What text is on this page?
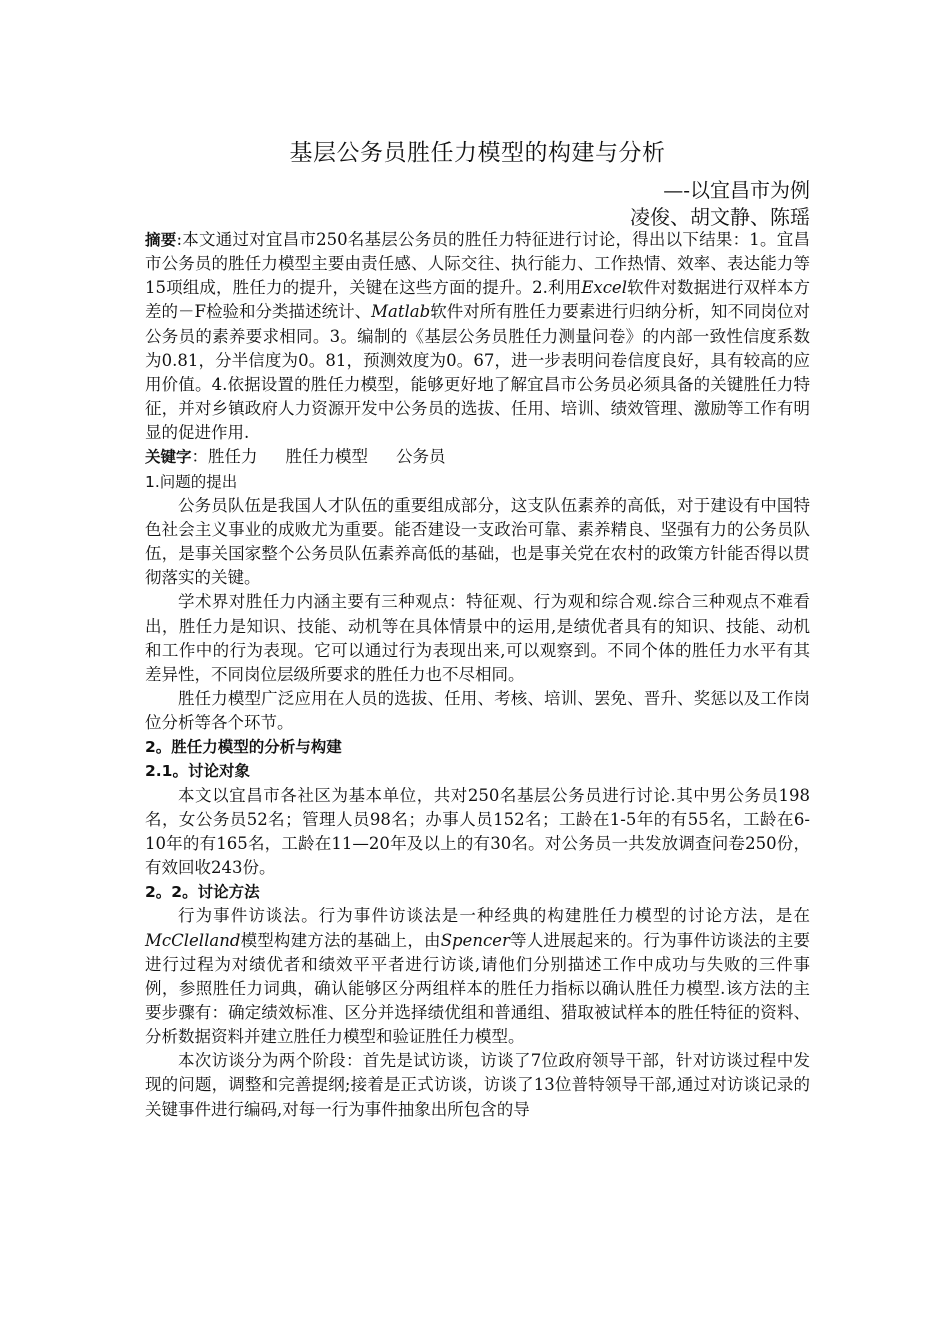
基层公务员胜任力模型的构建与分析

—-以宜昌市为例

凌俊、胡文静、陈瑶

摘要:本文通过对宜昌市250名基层公务员的胜任力特征进行讨论，得出以下结果：1。宜昌市公务员的胜任力模型主要由责任感、人际交往、执行能力、工作热情、效率、表达能力等15项组成，胜任力的提升，关键在这些方面的提升。2.利用Excel软件对数据进行双样本方差的－F检验和分类描述统计、Matlab软件对所有胜任力要素进行归纳分析，知不同岗位对公务员的素养要求相同。3。编制的《基层公务员胜任力测量问卷》的内部一致性信度系数为0.81，分半信度为0。81，预测效度为0。67，进一步表明问卷信度良好，具有较高的应用价值。4.依据设置的胜任力模型，能够更好地了解宜昌市公务员必须具备的关键胜任力特征，并对乡镇政府人力资源开发中公务员的选拔、任用、培训、绩效管理、激励等工作有明显的促进作用.

关键字：胜任力 胜任力模型 公务员

1.问题的提出

公务员队伍是我国人才队伍的重要组成部分，这支队伍素养的高低，对于建设有中国特色社会主义事业的成败尤为重要。能否建设一支政治可靠、素养精良、坚强有力的公务员队伍，是事关国家整个公务员队伍素养高低的基础，也是事关党在农村的政策方针能否得以贯彻落实的关键。

学术界对胜任力内涵主要有三种观点：特征观、行为观和综合观.综合三种观点不难看出，胜任力是知识、技能、动机等在具体情景中的运用,是绩优者具有的知识、技能、动机和工作中的行为表现。它可以通过行为表现出来,可以观察到。不同个体的胜任力水平有其差异性，不同岗位层级所要求的胜任力也不尽相同。

胜任力模型广泛应用在人员的选拔、任用、考核、培训、罢免、晋升、奖惩以及工作岗位分析等各个环节。

2。胜任力模型的分析与构建

2.1。讨论对象

本文以宜昌市各社区为基本单位，共对250名基层公务员进行讨论.其中男公务员198名，女公务员52名；管理人员98名；办事人员152名；工龄在1-5年的有55名，工龄在6-10年的有165名，工龄在11—20年及以上的有30名。对公务员一共发放调查问卷250份，有效回收243份。

2。2。讨论方法

行为事件访谈法。行为事件访谈法是一种经典的构建胜任力模型的讨论方法，是在McClelland模型构建方法的基础上，由Spencer等人进展起来的。行为事件访谈法的主要进行过程为对绩优者和绩效平平者进行访谈,请他们分别描述工作中成功与失败的三件事例，参照胜任力词典，确认能够区分两组样本的胜任力指标以确认胜任力模型.该方法的主要步骤有：确定绩效标准、区分并选择绩优组和普通组、猎取被试样本的胜任特征的资料、分析数据资料并建立胜任力模型和验证胜任力模型。

本次访谈分为两个阶段：首先是试访谈，访谈了7位政府领导干部，针对访谈过程中发现的问题，调整和完善提纲;接着是正式访谈，访谈了13位普特领导干部,通过对访谈记录的关键事件进行编码,对每一行为事件抽象出所包含的导
